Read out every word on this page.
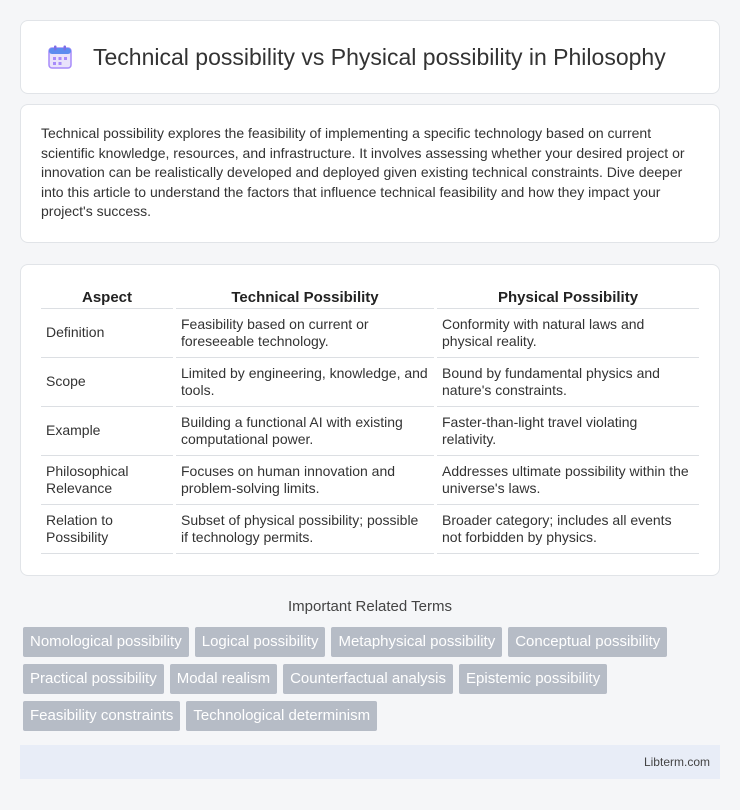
Technical possibility vs Physical possibility in Philosophy

Technical possibility explores the feasibility of implementing a specific technology based on current scientific knowledge, resources, and infrastructure. It involves assessing whether your desired project or innovation can be realistically developed and deployed given existing technical constraints. Dive deeper into this article to understand the factors that influence technical feasibility and how they impact your project's success.

Aspect	Technical Possibility	Physical Possibility
Definition	Feasibility based on current or foreseeable technology.	Conformity with natural laws and physical reality.
Scope	Limited by engineering, knowledge, and tools.	Bound by fundamental physics and nature's constraints.
Example	Building a functional AI with existing computational power.	Faster-than-light travel violating relativity.
Philosophical Relevance	Focuses on human innovation and problem-solving limits.	Addresses ultimate possibility within the universe's laws.
Relation to Possibility	Subset of physical possibility; possible if technology permits.	Broader category; includes all events not forbidden by physics.
Important Related Terms
Nomological possibility	Logical possibility	Metaphysical possibility	Conceptual possibility
Practical possibility	Modal realism	Counterfactual analysis	Epistemic possibility
Feasibility constraints	Technological determinism
Libterm.com
